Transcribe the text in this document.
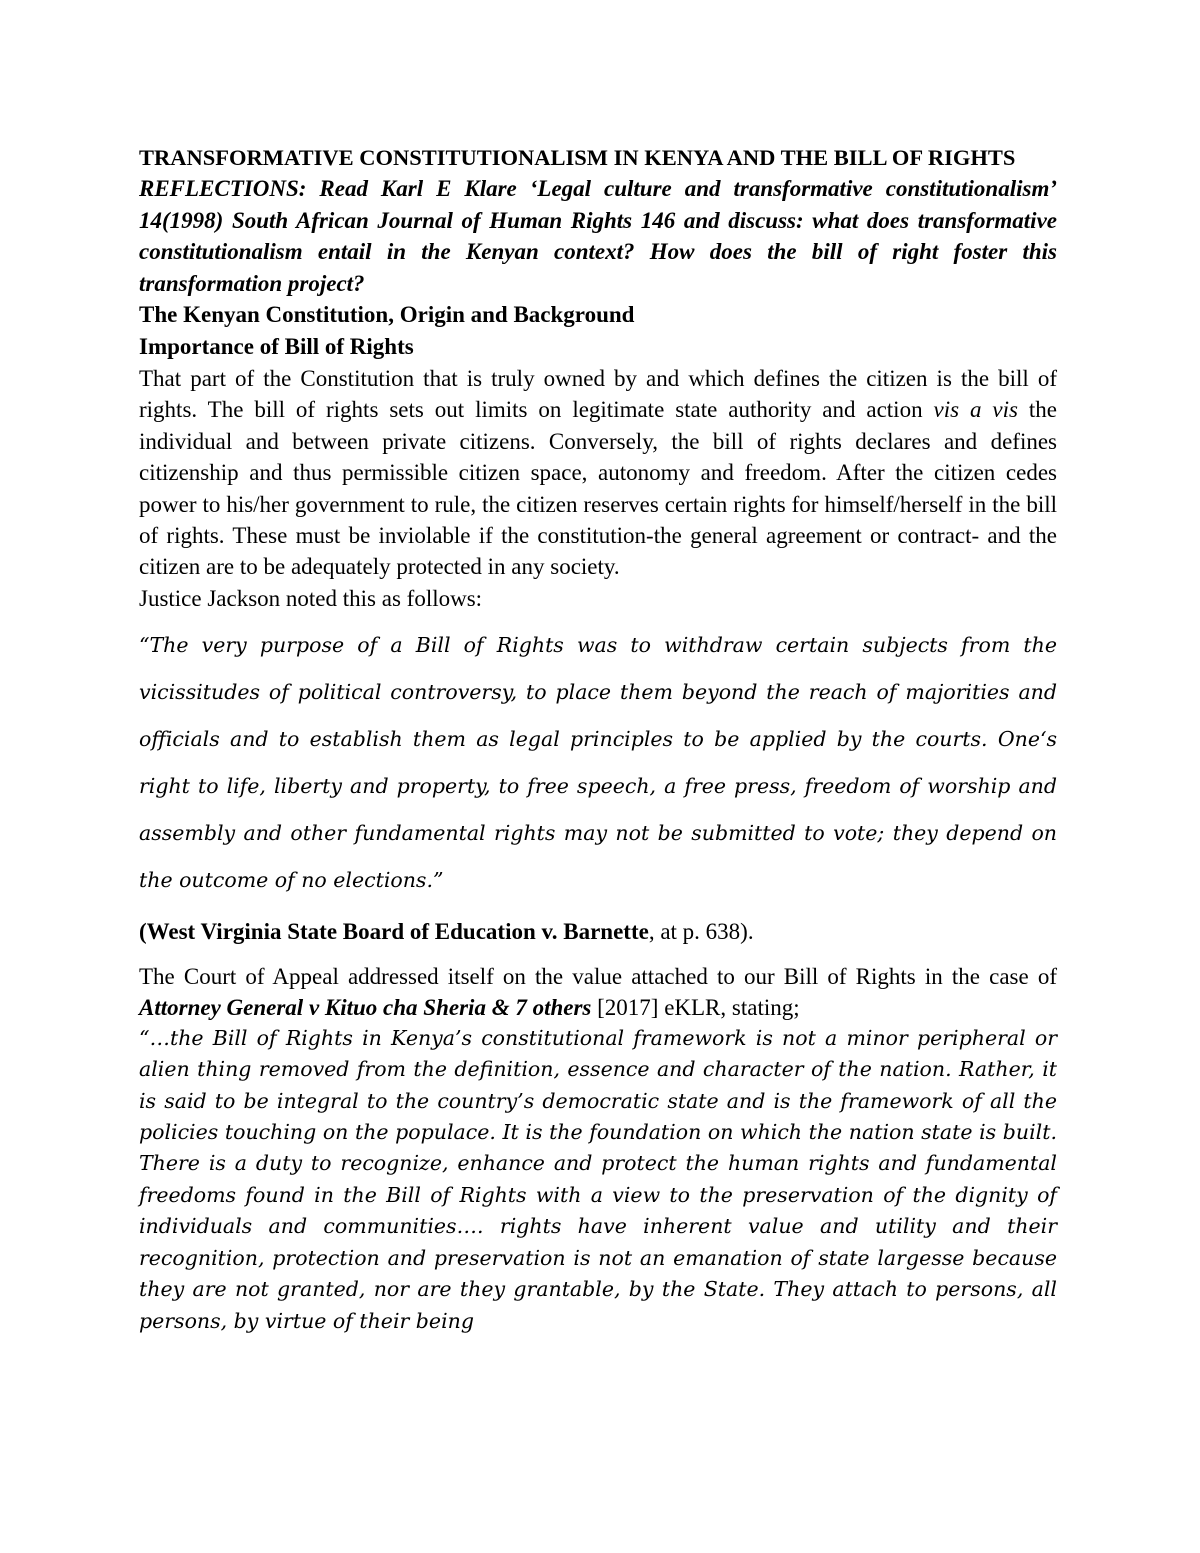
TRANSFORMATIVE CONSTITUTIONALISM IN KENYA AND THE BILL OF RIGHTS

REFLECTIONS: Read Karl E Klare ‘Legal culture and transformative constitutionalism’ 14(1998) South African Journal of Human Rights 146 and discuss: what does transformative constitutionalism entail in the Kenyan context? How does the bill of right foster this transformation project?

The Kenyan Constitution, Origin and Background

Importance of Bill of Rights

That part of the Constitution that is truly owned by and which defines the citizen is the bill of rights. The bill of rights sets out limits on legitimate state authority and action vis a vis the individual and between private citizens. Conversely, the bill of rights declares and defines citizenship and thus permissible citizen space, autonomy and freedom. After the citizen cedes power to his/her government to rule, the citizen reserves certain rights for himself/herself in the bill of rights. These must be inviolable if the constitution-the general agreement or contract- and the citizen are to be adequately protected in any society.

Justice Jackson noted this as follows:

“The very purpose of a Bill of Rights was to withdraw certain subjects from the vicissitudes of political controversy, to place them beyond the reach of majorities and officials and to establish them as legal principles to be applied by the courts. One‘s right to life, liberty and property, to free speech, a free press, freedom of worship and assembly and other fundamental rights may not be submitted to vote; they depend on the outcome of no elections.”

(West Virginia State Board of Education v. Barnette, at p. 638).

The Court of Appeal addressed itself on the value attached to our Bill of Rights in the case of Attorney General v Kituo cha Sheria & 7 others [2017] eKLR, stating;

“…the Bill of Rights in Kenya’s constitutional framework is not a minor peripheral or alien thing removed from the definition, essence and character of the nation. Rather, it is said to be integral to the country’s democratic state and is the framework of all the policies touching on the populace. It is the foundation on which the nation state is built. There is a duty to recognize, enhance and protect the human rights and fundamental freedoms found in the Bill of Rights with a view to the preservation of the dignity of individuals and communities…. rights have inherent value and utility and their recognition, protection and preservation is not an emanation of state largesse because they are not granted, nor are they grantable, by the State. They attach to persons, all persons, by virtue of their being
